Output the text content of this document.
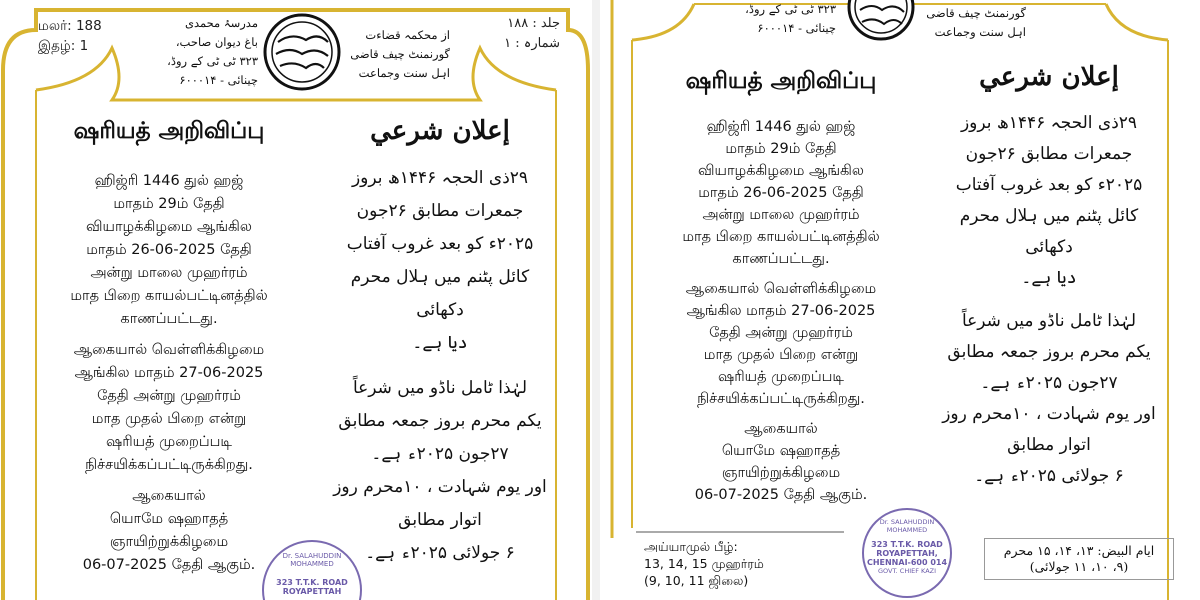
மலர்: 188
இதழ்: 1
جلد : ۱۸۸
شمارہ : ۱
مدرسۂ محمدی
باغ دیوان صاحب،
۳۲۳ ٹی ٹی کے روڈ،
چینائی - ۶۰۰۰۱۴
از محکمہ قضاءت
گورنمنٹ چیف قاضی
اہل سنت وجماعت
ஷரியத் அறிவிப்பு	إعلان شرعي
ஹிஜ்ரி 1446 துல் ஹஜ்
மாதம் 29ம் தேதி
வியாழக்கிழமை ஆங்கில
மாதம் 26-06-2025 தேதி
அன்று மாலை முஹர்ரம்
மாத பிறை காயல்பட்டினத்தில்
காணப்பட்டது.
ஆகையால் வெள்ளிக்கிழமை
ஆங்கில மாதம் 27-06-2025
தேதி அன்று முஹர்ரம்
மாத முதல் பிறை என்று
ஷரியத் முறைப்படி
நிச்சயிக்கப்பட்டிருக்கிறது.
ஆகையால்
யொமே ஷஹாதத்
ஞாயிற்றுக்கிழமை
06-07-2025 தேதி ஆகும்.
۲۹ذی الحجہ ۱۴۴۶ھ بروز
جمعرات مطابق ۲۶جون
۲۰۲۵ء کو بعد غروب آفتاب
کائل پٹنم میں ہلال محرم دکھائی
دیا ہے۔
لہٰذا ٹامل ناڈو میں شرعاً
یکم محرم بروز جمعہ مطابق
۲۷جون ۲۰۲۵ء ہے۔
اور یوم شہادت ، ۱۰محرم روز
اتوار مطابق
۶ جولائی ۲۰۲۵ء ہے۔
Dr. SALAHUDDIN MOHAMMED
323 T.T.K. ROAD
ROYAPETTAH
۳۲۳ ٹی ٹی کے روڈ،
چینائی - ۶۰۰۰۱۴
گورنمنٹ چیف قاضی
اہل سنت وجماعت
ஷரியத் அறிவிப்பு	إعلان شرعي
ஹிஜ்ரி 1446 துல் ஹஜ்
மாதம் 29ம் தேதி
வியாழக்கிழமை ஆங்கில
மாதம் 26-06-2025 தேதி
அன்று மாலை முஹர்ரம்
மாத பிறை காயல்பட்டினத்தில்
காணப்பட்டது.
ஆகையால் வெள்ளிக்கிழமை
ஆங்கில மாதம் 27-06-2025
தேதி அன்று முஹர்ரம்
மாத முதல் பிறை என்று
ஷரியத் முறைப்படி
நிச்சயிக்கப்பட்டிருக்கிறது.
ஆகையால்
யொமே ஷஹாதத்
ஞாயிற்றுக்கிழமை
06-07-2025 தேதி ஆகும்.
۲۹ذی الحجہ ۱۴۴۶ھ بروز
جمعرات مطابق ۲۶جون
۲۰۲۵ء کو بعد غروب آفتاب
کائل پٹنم میں ہلال محرم دکھائی
دیا ہے۔
لہٰذا ٹامل ناڈو میں شرعاً
یکم محرم بروز جمعہ مطابق
۲۷جون ۲۰۲۵ء ہے۔
اور یوم شہادت ، ۱۰محرم روز
اتوار مطابق
۶ جولائی ۲۰۲۵ء ہے۔
அய்யாமுல் பீழ்:
13, 14, 15 முஹர்ரம்
(9, 10, 11 ஜிலை)
Dr. SALAHUDDIN MOHAMMED
323 T.T.K. ROAD
ROYAPETTAH,
CHENNAI-600 014
GOVT. CHIEF KAZI
ایام البیض: ۱۳، ۱۴، ۱۵ محرم
(۹، ۱۰، ۱۱ جولائی)
